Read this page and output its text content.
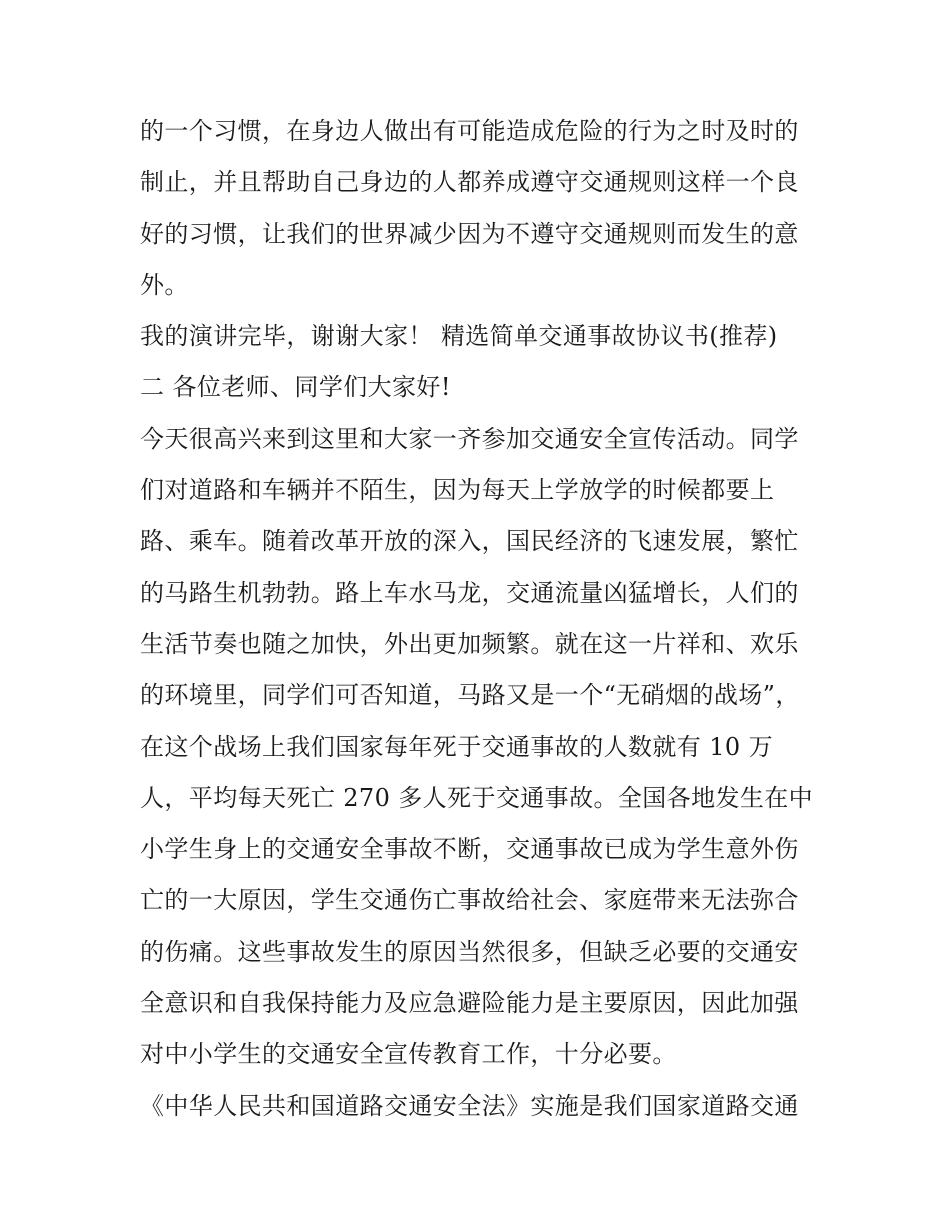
的一个习惯，在身边人做出有可能造成危险的行为之时及时的
制止，并且帮助自己身边的人都养成遵守交通规则这样一个良
好的习惯，让我们的世界减少因为不遵守交通规则而发生的意
外。
我的演讲完毕，谢谢大家！ 精选简单交通事故协议书(推荐)
二 各位老师、同学们大家好!
今天很高兴来到这里和大家一齐参加交通安全宣传活动。同学
们对道路和车辆并不陌生，因为每天上学放学的时候都要上
路、乘车。随着改革开放的深入，国民经济的飞速发展，繁忙
的马路生机勃勃。路上车水马龙，交通流量凶猛增长，人们的
生活节奏也随之加快，外出更加频繁。就在这一片祥和、欢乐
的环境里，同学们可否知道，马路又是一个“无硝烟的战场”，
在这个战场上我们国家每年死于交通事故的人数就有 10 万
人，平均每天死亡 270 多人死于交通事故。全国各地发生在中
小学生身上的交通安全事故不断，交通事故已成为学生意外伤
亡的一大原因，学生交通伤亡事故给社会、家庭带来无法弥合
的伤痛。这些事故发生的原因当然很多，但缺乏必要的交通安
全意识和自我保持能力及应急避险能力是主要原因，因此加强
对中小学生的交通安全宣传教育工作，十分必要。
《中华人民共和国道路交通安全法》实施是我们国家道路交通
